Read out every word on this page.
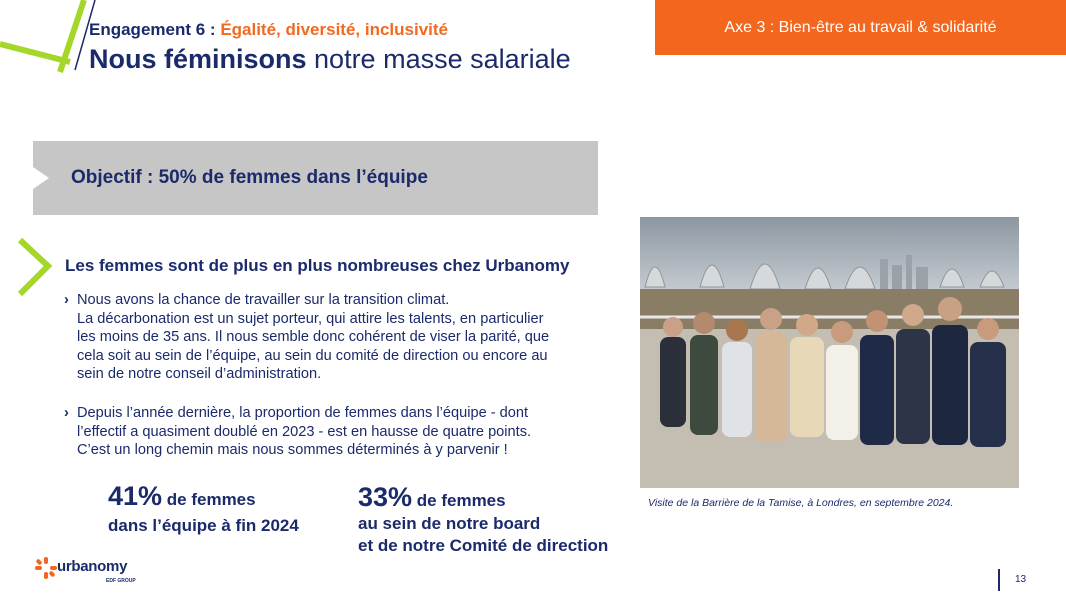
Engagement 6 : Égalité, diversité, inclusivité
Nous féminisons notre masse salariale
Axe 3 : Bien-être au travail & solidarité
Objectif : 50% de femmes dans l’équipe
Les femmes sont de plus en plus nombreuses chez Urbanomy
› Nous avons la chance de travailler sur la transition climat.
La décarbonation est un sujet porteur, qui attire les talents, en particulier
les moins de 35 ans. Il nous semble donc cohérent de viser la parité, que
cela soit au sein de l’équipe, au sein du comité de direction ou encore au
sein de notre conseil d’administration.
› Depuis l’année dernière, la proportion de femmes dans l’équipe - dont
l’effectif a quasiment doublé en 2023 - est en hausse de quatre points.
C’est un long chemin mais nous sommes déterminés à y parvenir !
41% de femmes
dans l’équipe à fin 2024
33% de femmes
au sein de notre board
et de notre Comité de direction
Visite de la Barrière de la Tamise, à Londres, en septembre 2024.
urbanomy
EDF GROUP	13
